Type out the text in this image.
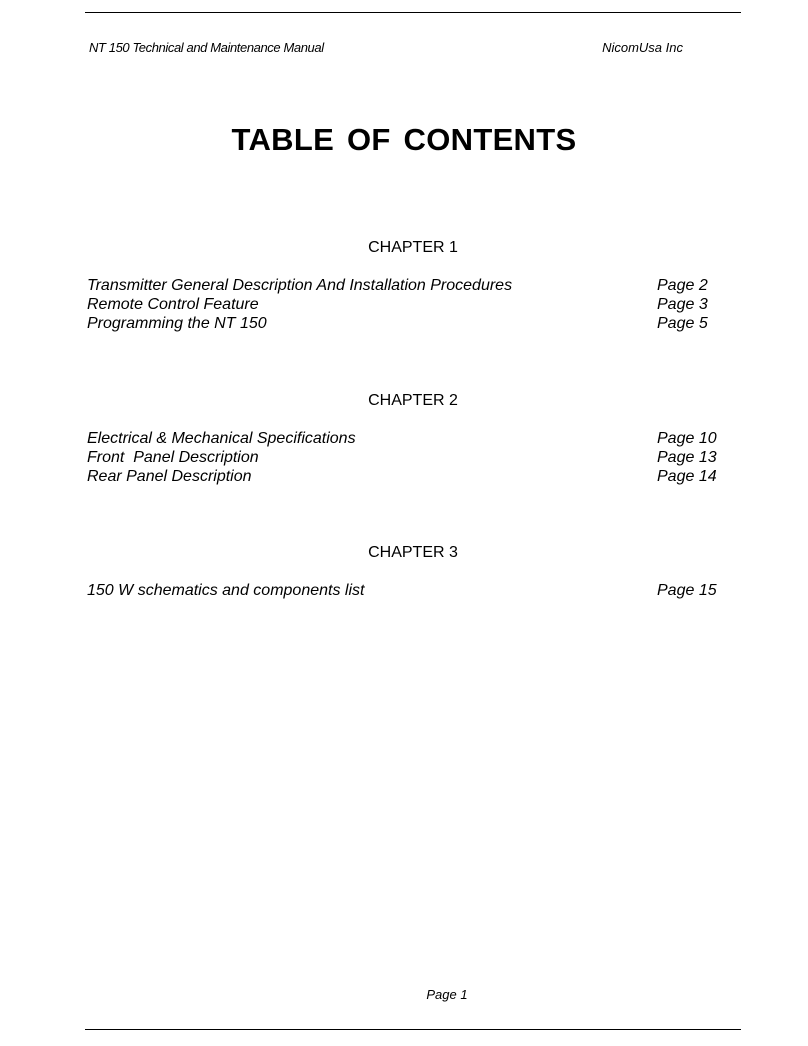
NT 150 Technical and Maintenance Manual	NicomUsa Inc
TABLE OF CONTENTS
CHAPTER 1
Transmitter General Description And Installation Procedures	Page 2
Remote Control Feature	Page 3
Programming the NT 150	Page 5
CHAPTER 2
Electrical & Mechanical Specifications	Page 10
Front  Panel Description	Page 13
Rear Panel Description	Page 14
CHAPTER 3
150 W schematics and components list	Page 15
Page 1
